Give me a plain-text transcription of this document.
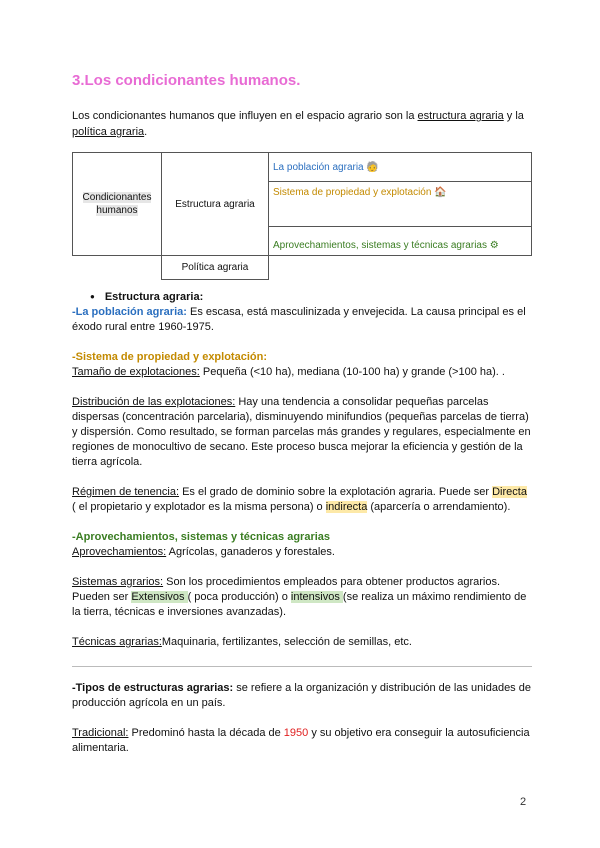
3.Los condicionantes humanos.
Los condicionantes humanos que influyen en el espacio agrario son la estructura agraria y la política agraria.
Condicionantes humanos	Estructura agraria	La población agraria 🧓
		Sistema de propiedad y explotación 🏠
		Aprovechamientos, sistemas y técnicas agrarias ⚙
	Política agraria	

● Estructura agraria:

-La población agraria: Es escasa, está masculinizada y envejecida. La causa principal es el éxodo rural entre 1960-1975.

-Sistema de propiedad y explotación:

Tamaño de explotaciones: Pequeña (<10 ha), mediana (10-100 ha) y grande (>100 ha). .

Distribución de las explotaciones: Hay una tendencia a consolidar pequeñas parcelas dispersas (concentración parcelaria), disminuyendo minifundios (pequeñas parcelas de tierra) y dispersión. Como resultado, se forman parcelas más grandes y regulares, especialmente en regiones de monocultivo de secano. Este proceso busca mejorar la eficiencia y gestión de la tierra agrícola.

Régimen de tenencia: Es el grado de dominio sobre la explotación agraria. Puede ser Directa ( el propietario y explotador es la misma persona) o indirecta (aparcería o arrendamiento).

-Aprovechamientos, sistemas y técnicas agrarias

Aprovechamientos: Agrícolas, ganaderos y forestales.

Sistemas agrarios: Son los procedimientos empleados para obtener productos agrarios. Pueden ser Extensivos ( poca producción) o intensivos (se realiza un máximo rendimiento de la tierra, técnicas e inversiones avanzadas).

Técnicas agrarias:Maquinaria, fertilizantes, selección de semillas, etc.

-Tipos de estructuras agrarias: se refiere a la organización y distribución de las unidades de producción agrícola en un país.

Tradicional: Predominó hasta la década de 1950 y su objetivo era conseguir la autosuficiencia alimentaria.

2
